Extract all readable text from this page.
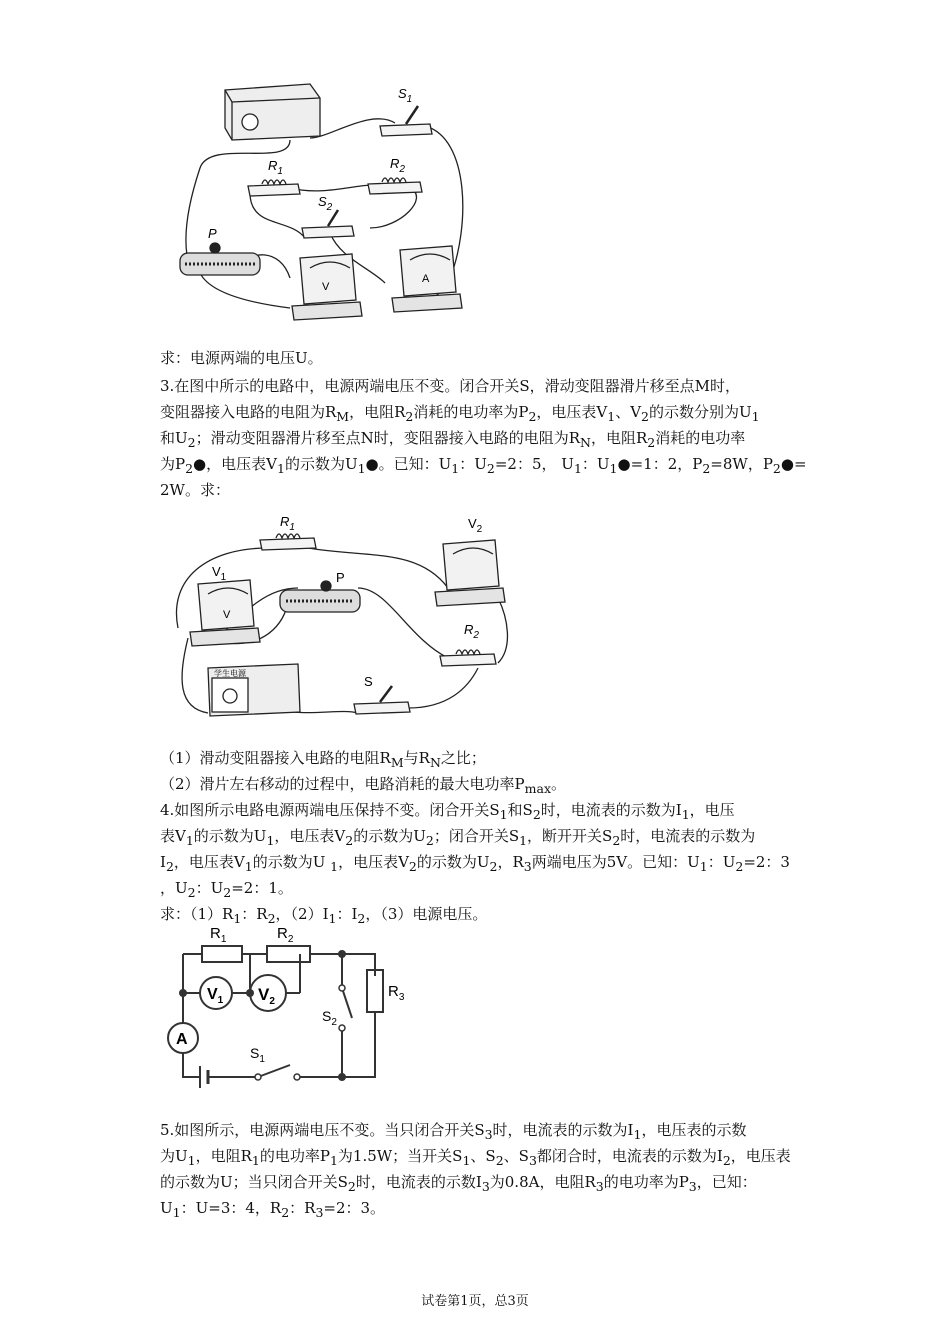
$S_1$
$R_1$
$R_2$
$S_2$
P
V
A
求：电源两端的电压U。
3.在图中所示的电路中，电源两端电压不变。闭合开关S，滑动变阻器滑片移至点M时，
变阻器接入电路的电阻为$R_M$，电阻$R_2$消耗的电功率为$P_2$，电压表$V_1$、$V_2$的示数分别为$U_1$
和$U_2$；滑动变阻器滑片移至点N时，变阻器接入电路的电阻为$R_N$，电阻$R_2$消耗的电功率
为$P_2●$，电压表$V_1$的示数为$U_1●$。已知：$U_1$：$U_2=2$：5， $U_1$：$U_1●=1$：2，$P_2=8W$，$P_2●=$
2W。求：
$R_1$
$V_1$
$V_2$
P
$R_2$
S
学生电源
V
（1）滑动变阻器接入电路的电阻$R_M$与$R_N$之比；
（2）滑片左右移动的过程中，电路消耗的最大电功率$P_{max}$。
4.如图所示电路电源两端电压保持不变。闭合开关$S_1$和$S_2$时，电流表的示数为$I_1$，电压
表$V_1$的示数为$U_1$，电压表$V_2$的示数为$U_2$；闭合开关$S_1$，断开开关$S_2$时，电流表的示数为
$I_2$，电压表$V_1$的示数为U $_1$，电压表$V_2$的示数为$U_2$，$R_3$两端电压为5V。已知：$U_1$：$U_2=2$：3
，$U_2$：$U_2=2$：1。
求：$(1)R_1$：$R_2$，$(2)I_1$：$I_2$，（3）电源电压。
$R_1$	$R_2$
$R_3$
$V_1$ $V_2$
A
$S_2$
$S_1$
5.如图所示，电源两端电压不变。当只闭合开关$S_3$时，电流表的示数为$I_1$，电压表的示数
为$U_1$，电阻$R_1$的电功率$P_1$为1.5W；当开关$S_1$、$S_2$、$S_3$都闭合时，电流表的示数为$I_2$，电压表
的示数为U；当只闭合开关$S_2$时，电流表的示数$I_3$为0.8A，电阻$R_3$的电功率为$P_3$，已知：
$U_1$：U=3：4，$R_2$：$R_3=2$：3。
试卷第1页，总3页
